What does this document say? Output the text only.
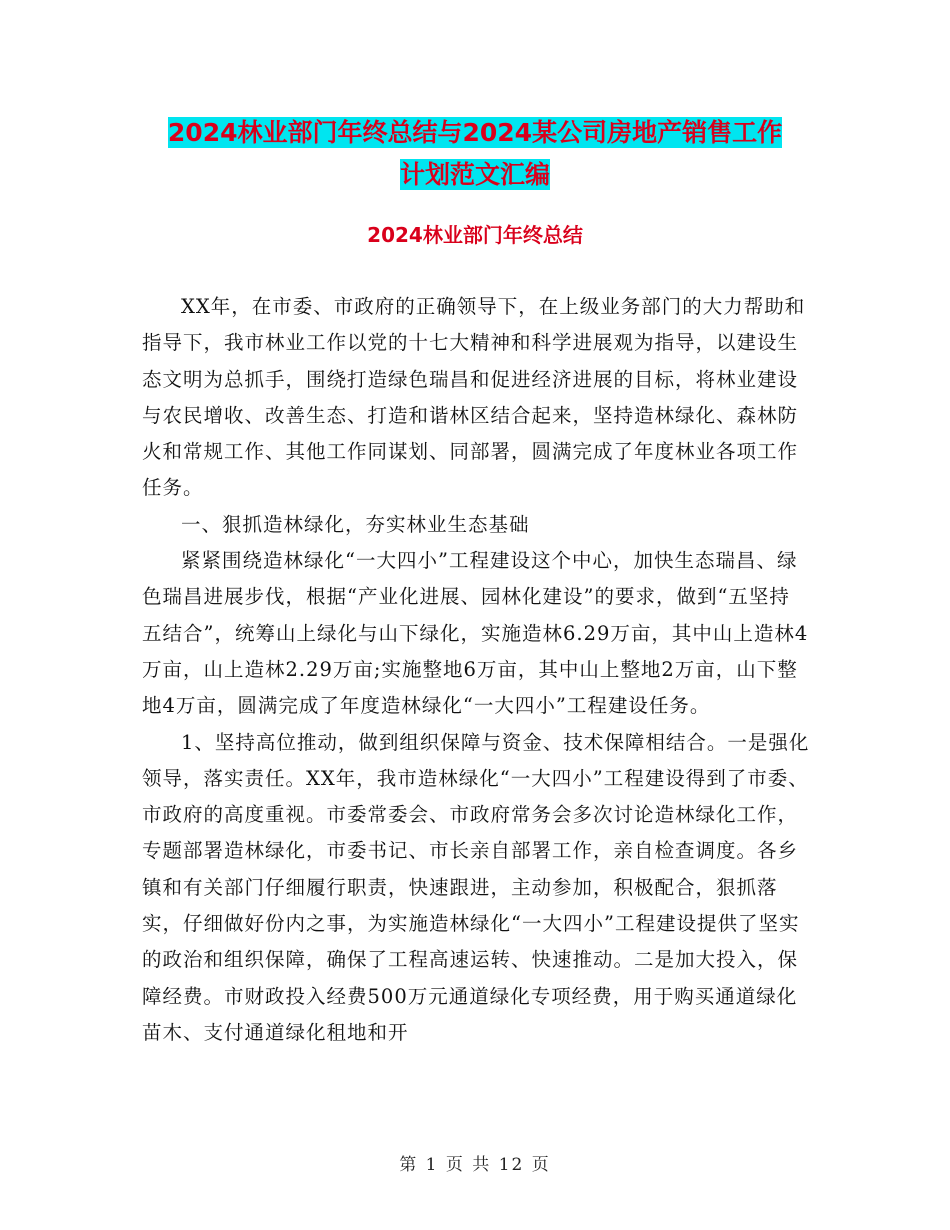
2024林业部门年终总结与2024某公司房地产销售工作
计划范文汇编
2024林业部门年终总结

XX年，在市委、市政府的正确领导下，在上级业务部门的大力帮助和指导下，我市林业工作以党的十七大精神和科学进展观为指导，以建设生态文明为总抓手，围绕打造绿色瑞昌和促进经济进展的目标，将林业建设与农民增收、改善生态、打造和谐林区结合起来，坚持造林绿化、森林防火和常规工作、其他工作同谋划、同部署，圆满完成了年度林业各项工作任务。

一、狠抓造林绿化，夯实林业生态基础

紧紧围绕造林绿化“一大四小”工程建设这个中心，加快生态瑞昌、绿色瑞昌进展步伐，根据“产业化进展、园林化建设”的要求，做到“五坚持五结合”，统筹山上绿化与山下绿化，实施造林6.29万亩，其中山上造林4万亩，山上造林2.29万亩;实施整地6万亩，其中山上整地2万亩，山下整地4万亩，圆满完成了年度造林绿化“一大四小”工程建设任务。

1、坚持高位推动，做到组织保障与资金、技术保障相结合。一是强化领导，落实责任。XX年，我市造林绿化“一大四小”工程建设得到了市委、市政府的高度重视。市委常委会、市政府常务会多次讨论造林绿化工作，专题部署造林绿化，市委书记、市长亲自部署工作，亲自检查调度。各乡镇和有关部门仔细履行职责，快速跟进，主动参加，积极配合，狠抓落实，仔细做好份内之事，为实施造林绿化“一大四小”工程建设提供了坚实的政治和组织保障，确保了工程高速运转、快速推动。二是加大投入，保障经费。市财政投入经费500万元通道绿化专项经费，用于购买通道绿化苗木、支付通道绿化租地和开

第 1 页 共 12 页
